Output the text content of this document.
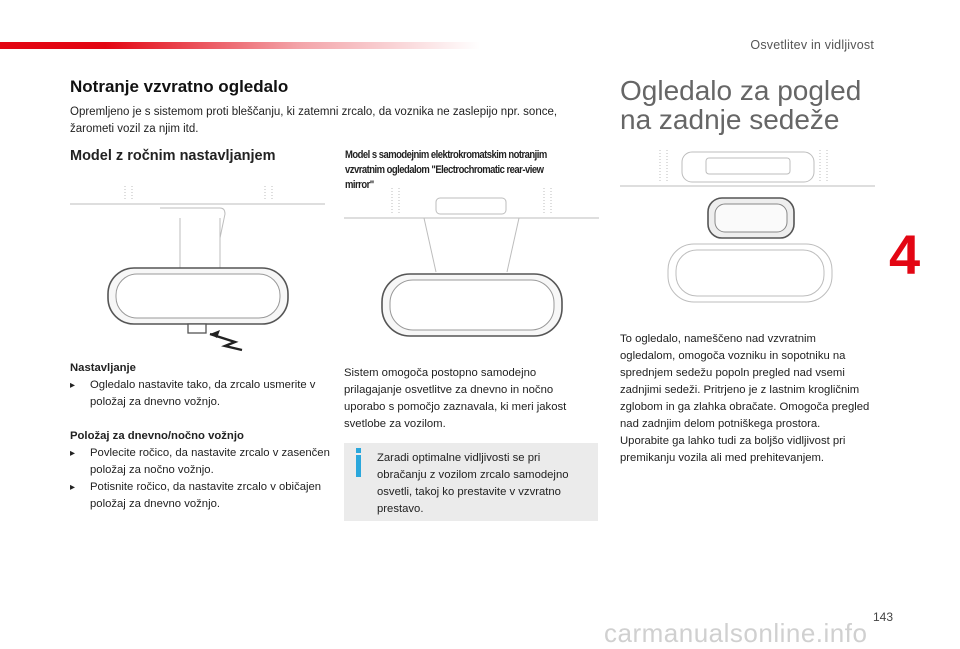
Osvetlitev in vidljivost
4
Notranje vzvratno ogledalo
Opremljeno je s sistemom proti bleščanju, ki zatemni zrcalo, da voznika ne zaslepijo npr. sonce, žarometi vozil za njim itd.
Model z ročnim nastavljanjem	Model s samodejnim elektrokromatskim notranjim vzvratnim ogledalom "Electrochromatic rear-view mirror"
Ogledalo za pogled
na zadnje sedeže
Nastavljanje
▸ Ogledalo nastavite tako, da zrcalo usmerite v položaj za dnevno vožnjo.
Položaj za dnevno/nočno vožnjo
▸ Povlecite ročico, da nastavite zrcalo v zasenčen položaj za nočno vožnjo.
▸ Potisnite ročico, da nastavite zrcalo v običajen položaj za dnevno vožnjo.
Sistem omogoča postopno samodejno prilagajanje osvetlitve za dnevno in nočno uporabo s pomočjo zaznavala, ki meri jakost svetlobe za vozilom.
Zaradi optimalne vidljivosti se pri obračanju z vozilom zrcalo samodejno osvetli, takoj ko prestavite v vzvratno prestavo.
To ogledalo, nameščeno nad vzvratnim ogledalom, omogoča vozniku in sopotniku na sprednjem sedežu popoln pregled nad vsemi zadnjimi sedeži. Pritrjeno je z lastnim krogličnim zglobom in ga zlahka obračate. Omogoča pregled nad zadnjim delom potniškega prostora. Uporabite ga lahko tudi za boljšo vidljivost pri premikanju vozila ali med prehitevanjem.
143
carmanualsonline.info
